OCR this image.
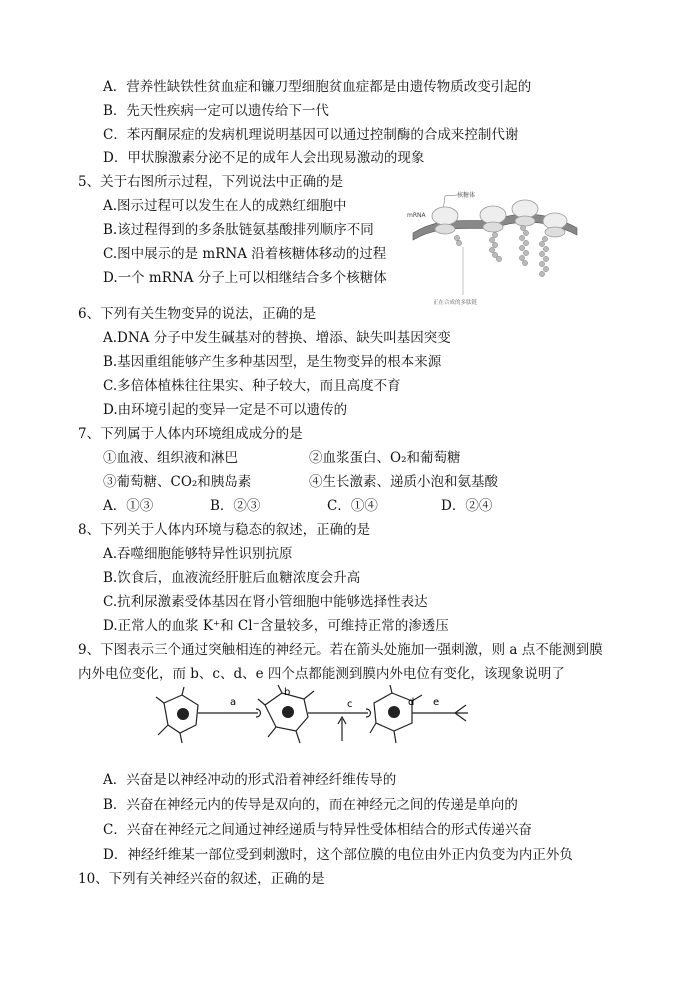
A．营养性缺铁性贫血症和镰刀型细胞贫血症都是由遗传物质改变引起的
B．先天性疾病一定可以遗传给下一代
C．苯丙酮尿症的发病机理说明基因可以通过控制酶的合成来控制代谢
D．甲状腺激素分泌不足的成年人会出现易激动的现象
5、关于右图所示过程，下列说法中正确的是
A.图示过程可以发生在人的成熟红细胞中
B.该过程得到的多条肽链氨基酸排列顺序不同
C.图中展示的是 mRNA 沿着核糖体移动的过程
D.一个 mRNA 分子上可以相继结合多个核糖体
mRNA
核糖体
正在合成的多肽链
6、下列有关生物变异的说法，正确的是
A.DNA 分子中发生碱基对的替换、增添、缺失叫基因突变
B.基因重组能够产生多种基因型，是生物变异的根本来源
C.多倍体植株往往果实、种子较大，而且高度不育
D.由环境引起的变异一定是不可以遗传的
7、下列属于人体内环境组成成分的是
①血液、组织液和淋巴	②血浆蛋白、O₂和葡萄糖
③葡萄糖、CO₂和胰岛素	④生长激素、递质小泡和氨基酸
A．①③	B．②③	C．①④	D．②④
8、下列关于人体内环境与稳态的叙述，正确的是
A.吞噬细胞能够特异性识别抗原
B.饮食后，血液流经肝脏后血糖浓度会升高
C.抗利尿激素受体基因在肾小管细胞中能够选择性表达
D.正常人的血浆 K⁺和 Cl⁻含量较多，可维持正常的渗透压
9、下图表示三个通过突触相连的神经元。若在箭头处施加一强刺激，则 a 点不能测到膜
内外电位变化，而 b、c、d、e 四个点都能测到膜内外电位有变化，该现象说明了
a
b
c	d e
A．兴奋是以神经冲动的形式沿着神经纤维传导的
B．兴奋在神经元内的传导是双向的，而在神经元之间的传递是单向的
C．兴奋在神经元之间通过神经递质与特异性受体相结合的形式传递兴奋
D．神经纤维某一部位受到刺激时，这个部位膜的电位由外正内负变为内正外负
10、下列有关神经兴奋的叙述，正确的是
